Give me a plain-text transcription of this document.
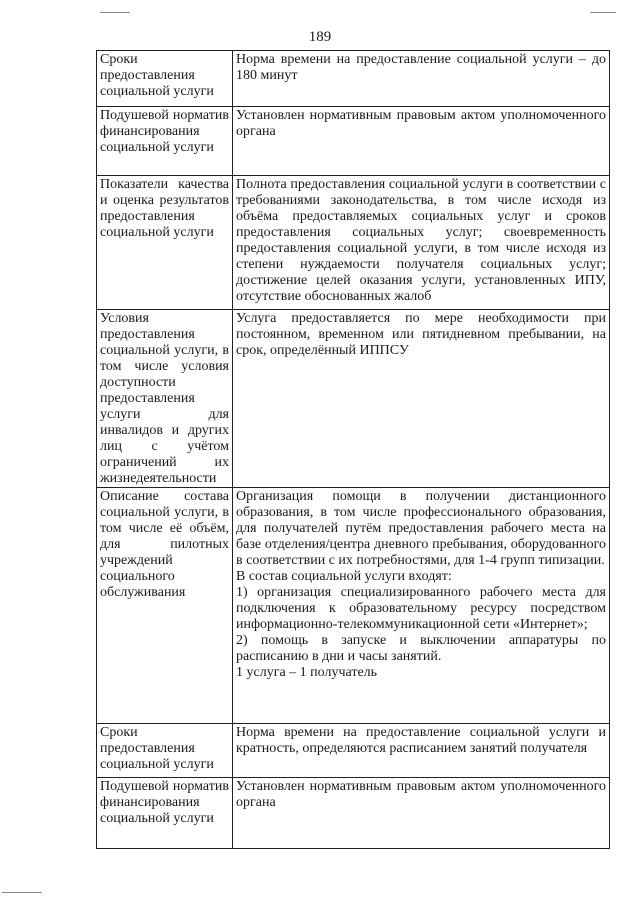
189
Сроки предоставления социальной услуги	Норма времени на предоставление социальной услуги – до 180 минут

Подушевой норматив финансирования социальной услуги	Установлен нормативным правовым актом уполномоченного органа

Показатели качества и оценка результатов предоставления социальной услуги	Полнота предоставления социальной услуги в соответствии с требованиями законодательства, в том числе исходя из объёма предоставляемых социальных услуг и сроков предоставления социальных услуг; своевременность предоставления социальной услуги, в том числе исходя из степени нуждаемости получателя социальных услуг; достижение целей оказания услуги, установленных ИПУ, отсутствие обоснованных жалоб

Условия предоставления социальной услуги, в том числе условия доступности предоставления услуги для инвалидов и других лиц с учётом ограничений их жизнедеятельности	Услуга предоставляется по мере необходимости при постоянном, временном или пятидневном пребывании, на срок, определённый ИППСУ

Описание состава социальной услуги, в том числе её объём, для пилотных учреждений социального обслуживания	Организация помощи в получении дистанционного образования, в том числе профессионального образования, для получателей путём предоставления рабочего места на базе отделения/центра дневного пребывания, оборудованного в соответствии с их потребностями, для 1-4 групп типизации.
В состав социальной услуги входят:
1) организация специализированного рабочего места для подключения к образовательному ресурсу посредством информационно-телекоммуникационной сети «Интернет»;
2) помощь в запуске и выключении аппаратуры по расписанию в дни и часы занятий.
1 услуга – 1 получатель

Сроки предоставления социальной услуги	Норма времени на предоставление социальной услуги и кратность, определяются расписанием занятий получателя

Подушевой норматив финансирования социальной услуги	Установлен нормативным правовым актом уполномоченного органа
